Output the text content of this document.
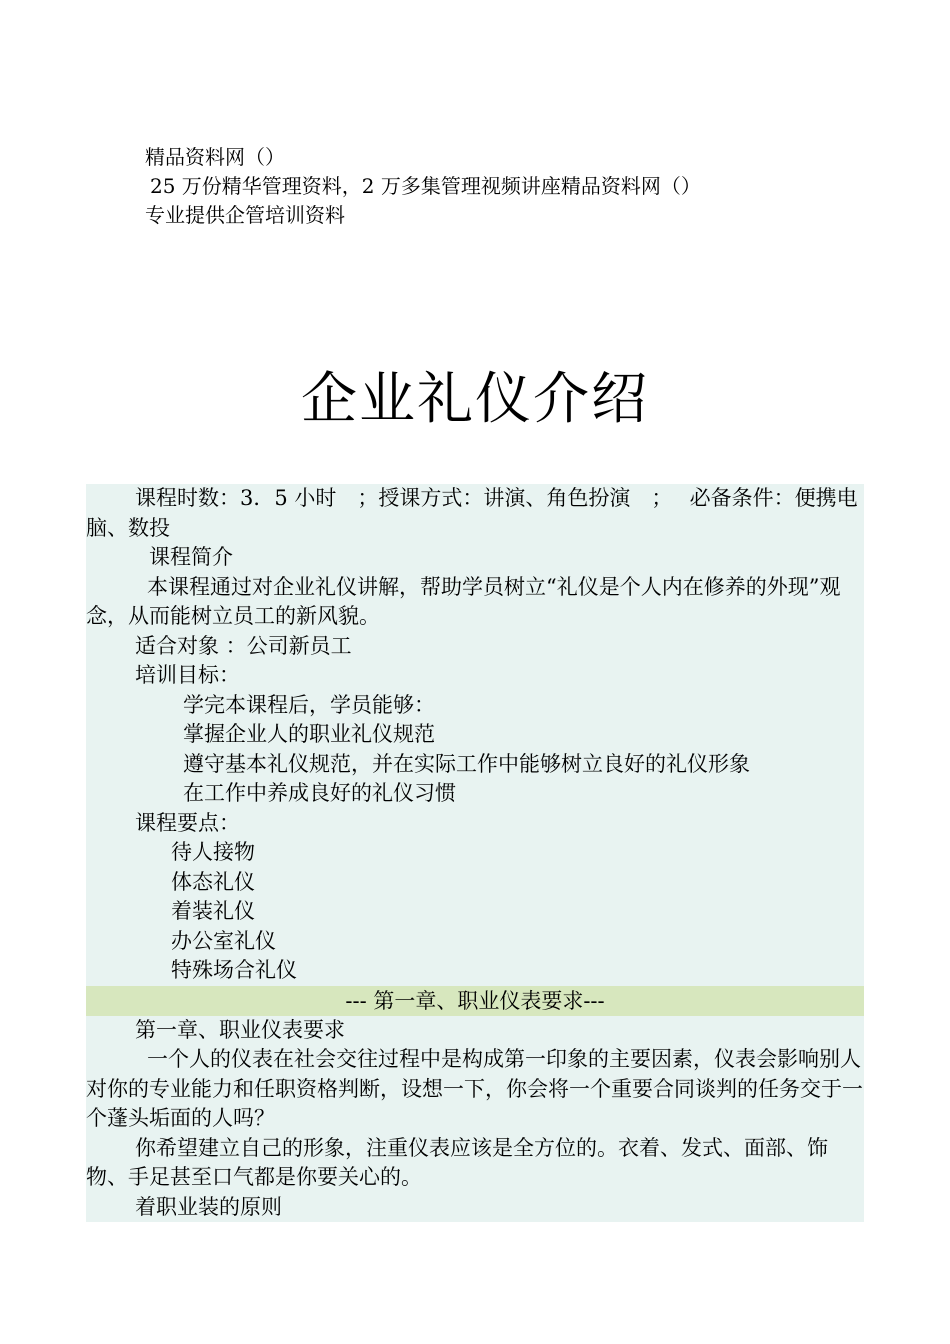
精品资料网（）
25 万份精华管理资料，2 万多集管理视频讲座精品资料网（）
专业提供企管培训资料
企业礼仪介绍

课程时数：3．5 小时　；授课方式：讲演、角色扮演　；　 必备条件：便携电脑、数投

课程简介

本课程通过对企业礼仪讲解，帮助学员树立“礼仪是个人内在修养的外现”观念，从而能树立员工的新风貌。

适合对象 ：公司新员工

培训目标：

学完本课程后，学员能够：

掌握企业人的职业礼仪规范

遵守基本礼仪规范，并在实际工作中能够树立良好的礼仪形象

在工作中养成良好的礼仪习惯

课程要点：

待人接物

体态礼仪

着装礼仪

办公室礼仪

特殊场合礼仪

--- 第一章、职业仪表要求---

第一章、职业仪表要求

一个人的仪表在社会交往过程中是构成第一印象的主要因素，仪表会影响别人对你的专业能力和任职资格判断，设想一下，你会将一个重要合同谈判的任务交于一个蓬头垢面的人吗？

你希望建立自己的形象，注重仪表应该是全方位的。衣着、发式、面部、饰物、手足甚至口气都是你要关心的。

着职业装的原则
